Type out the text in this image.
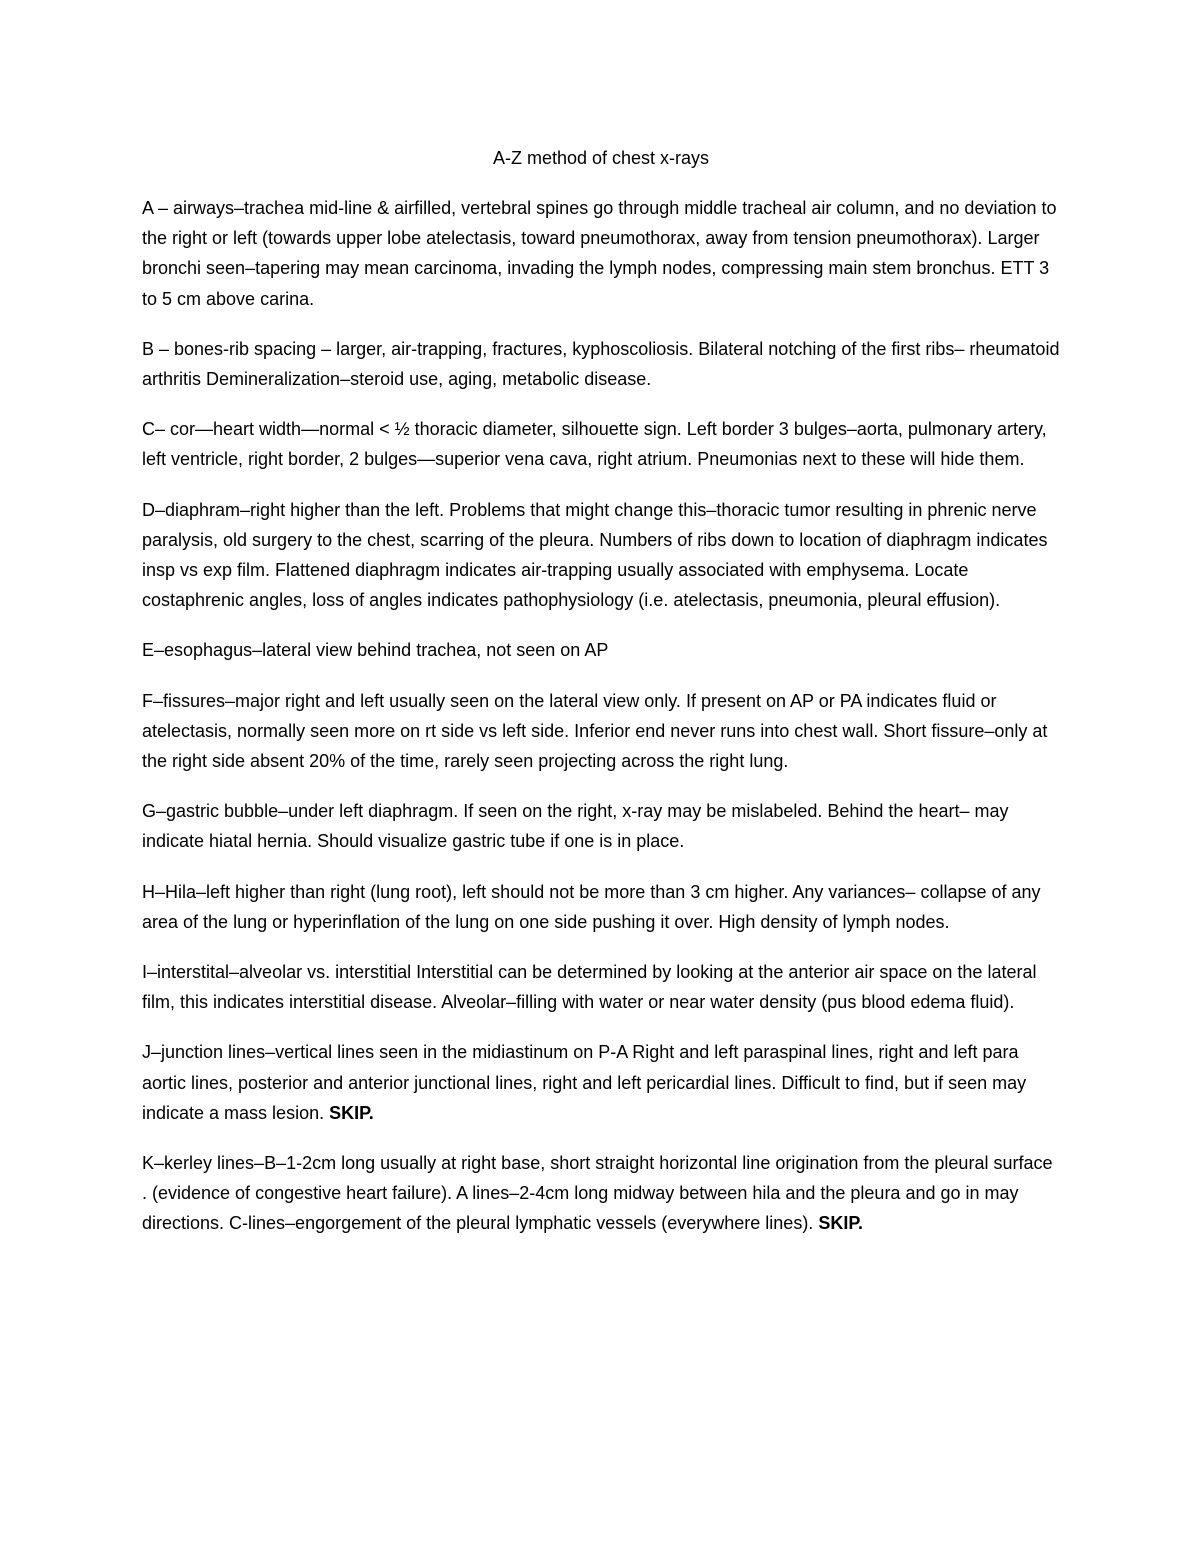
A-Z method of chest x-rays

A – airways–trachea mid-line & airfilled, vertebral spines go through middle tracheal air column, and no deviation to the right or left (towards upper lobe atelectasis, toward pneumothorax, away from tension pneumothorax). Larger bronchi seen–tapering may mean carcinoma, invading the lymph nodes, compressing main stem bronchus. ETT 3 to 5 cm above carina.

B – bones-rib spacing – larger, air-trapping, fractures, kyphoscoliosis. Bilateral notching of the first ribs– rheumatoid arthritis Demineralization–steroid use, aging, metabolic disease.

C– cor—heart width—normal < ½ thoracic diameter, silhouette sign. Left border 3 bulges–aorta, pulmonary artery, left ventricle, right border, 2 bulges—superior vena cava, right atrium. Pneumonias next to these will hide them.

D–diaphram–right higher than the left. Problems that might change this–thoracic tumor resulting in phrenic nerve paralysis, old surgery to the chest, scarring of the pleura. Numbers of ribs down to location of diaphragm indicates insp vs exp film. Flattened diaphragm indicates air-trapping usually associated with emphysema. Locate costaphrenic angles, loss of angles indicates pathophysiology (i.e. atelectasis, pneumonia, pleural effusion).

E–esophagus–lateral view behind trachea, not seen on AP

F–fissures–major right and left usually seen on the lateral view only. If present on AP or PA indicates fluid or atelectasis, normally seen more on rt side vs left side. Inferior end never runs into chest wall. Short fissure–only at the right side absent 20% of the time, rarely seen projecting across the right lung.

G–gastric bubble–under left diaphragm. If seen on the right, x-ray may be mislabeled. Behind the heart– may indicate hiatal hernia. Should visualize gastric tube if one is in place.

H–Hila–left higher than right (lung root), left should not be more than 3 cm higher. Any variances– collapse of any area of the lung or hyperinflation of the lung on one side pushing it over. High density of lymph nodes.

I–interstital–alveolar vs. interstitial Interstitial can be determined by looking at the anterior air space on the lateral film, this indicates interstitial disease. Alveolar–filling with water or near water density (pus blood edema fluid).

J–junction lines–vertical lines seen in the midiastinum on P-A Right and left paraspinal lines, right and left para aortic lines, posterior and anterior junctional lines, right and left pericardial lines. Difficult to find, but if seen may indicate a mass lesion. SKIP.

K–kerley lines–B–1-2cm long usually at right base, short straight horizontal line origination from the pleural surface . (evidence of congestive heart failure). A lines–2-4cm long midway between hila and the pleura and go in may directions. C-lines–engorgement of the pleural lymphatic vessels (everywhere lines). SKIP.
